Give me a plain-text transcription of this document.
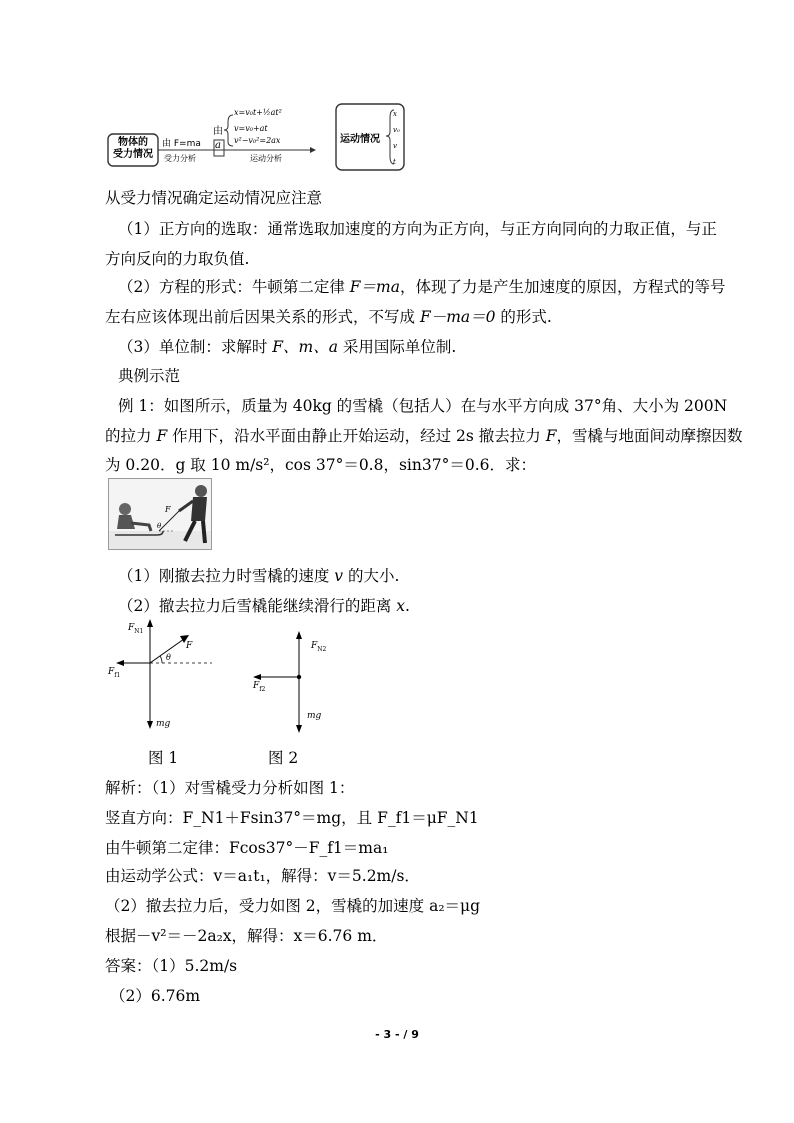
物体的
受力情况
由 F=ma
受力分析
a
由
x=v₀t+½at²
v=v₀+at
v²−v₀²=2ax
运动分析
运动情况
x
v₀
v
t
从受力情况确定运动情况应注意
（1）正方向的选取：通常选取加速度的方向为正方向，与正方向同向的力取正值，与正
方向反向的力取负值.
（2）方程的形式：牛顿第二定律 F＝ma，体现了力是产生加速度的原因，方程式的等号
左右应该体现出前后因果关系的形式，不写成 F－ma＝0 的形式.
（3）单位制：求解时 F、m、a 采用国际单位制.
典例示范
例 1：如图所示，质量为 40kg 的雪橇（包括人）在与水平方向成 37°角、大小为 200N
的拉力 F 作用下，沿水平面由静止开始运动，经过 2s 撤去拉力 F，雪橇与地面间动摩擦因数
为 0.20．g 取 10 m/s²，cos 37°＝0.8，sin37°＝0.6．求：
F
θ
（1）刚撤去拉力时雪橇的速度 v 的大小.
（2）撤去拉力后雪橇能继续滑行的距离 x.
$F_{N1}$
F
θ
$F_{f1}$
mg
$F_{N2}$
$F_{f2}$
mg
图 1	图 2
解析：（1）对雪橇受力分析如图 1：
竖直方向：F_N1＋Fsin37°＝mg，且 F_f1＝μF_N1
由牛顿第二定律：Fcos37°－F_f1＝ma₁
由运动学公式：v＝a₁t₁，解得：v＝5.2m/s．
（2）撤去拉力后，受力如图 2，雪橇的加速度 a₂＝μg
根据－v²＝－2a₂x，解得：x＝6.76 m．
答案：（1）5.2m/s
（2）6.76m
- 3 - / 9
